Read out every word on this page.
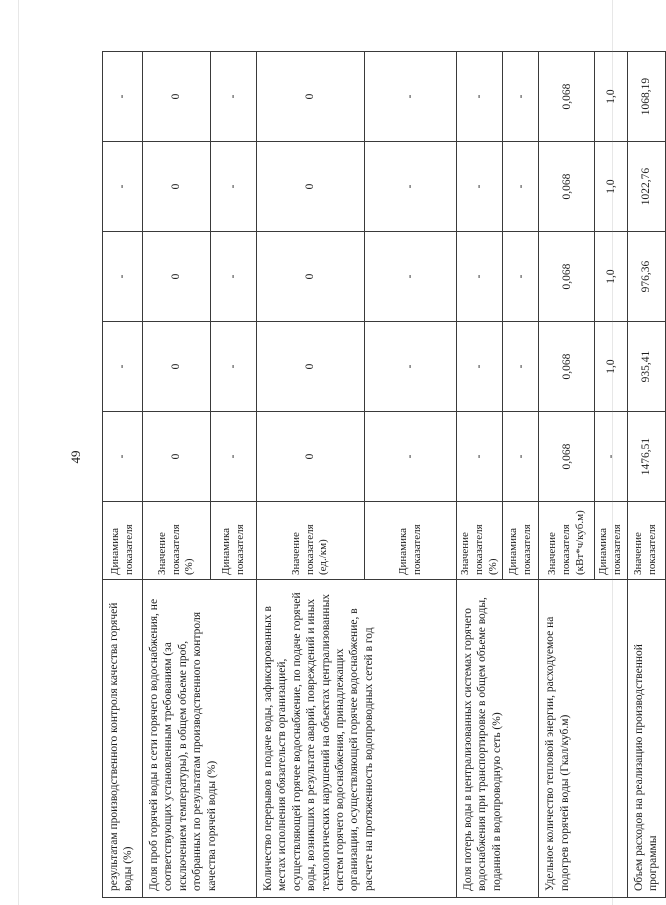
49
результатам производственного контроля качества горячей воды (%)	Динамика показателя	-	-	-	-	-
Доля проб горячей воды в сети горячего водоснабжения, не соответствующих установленным требованиям (за исключением температуры), в общем объеме проб, отобранных по результатам производственного контроля качества горячей воды (%)	Значение показателя (%)	0	0	0	0	0
	Динамика показателя	-	-	-	-	-
Количество перерывов в подаче воды, зафиксированных в местах исполнения обязательств организацией, осуществляющей горячее водоснабжение, по подаче горячей воды, возникших в результате аварий, повреждений и иных технологических нарушений на объектах централизованных систем горячего водоснабжения, принадлежащих организации, осуществляющей горячее водоснабжение, в расчете на протяженность водопроводных сетей в год	Значение показателя (ед./км)	0	0	0	0	0
	Динамика показателя	-	-	-	-	-
Доля потерь воды в централизованных системах горячего водоснабжения при транспортировке в общем объеме воды, поданной в водопроводную сеть (%)	Значение показателя (%)	-	-	-	-	-
	Динамика показателя	-	-	-	-	-
Удельное количество тепловой энергии, расходуемое на подогрев горячей воды (Гкал/куб.м)	Значение показателя (кВт*ч/куб.м)	0,068	0,068	0,068	0,068	0,068
	Динамика показателя	-	1,0	1,0	1,0	1,0
Объем расходов на реализацию производственной программы	Значение показателя	1476,51	935,41	976,36	1022,76	1068,19
